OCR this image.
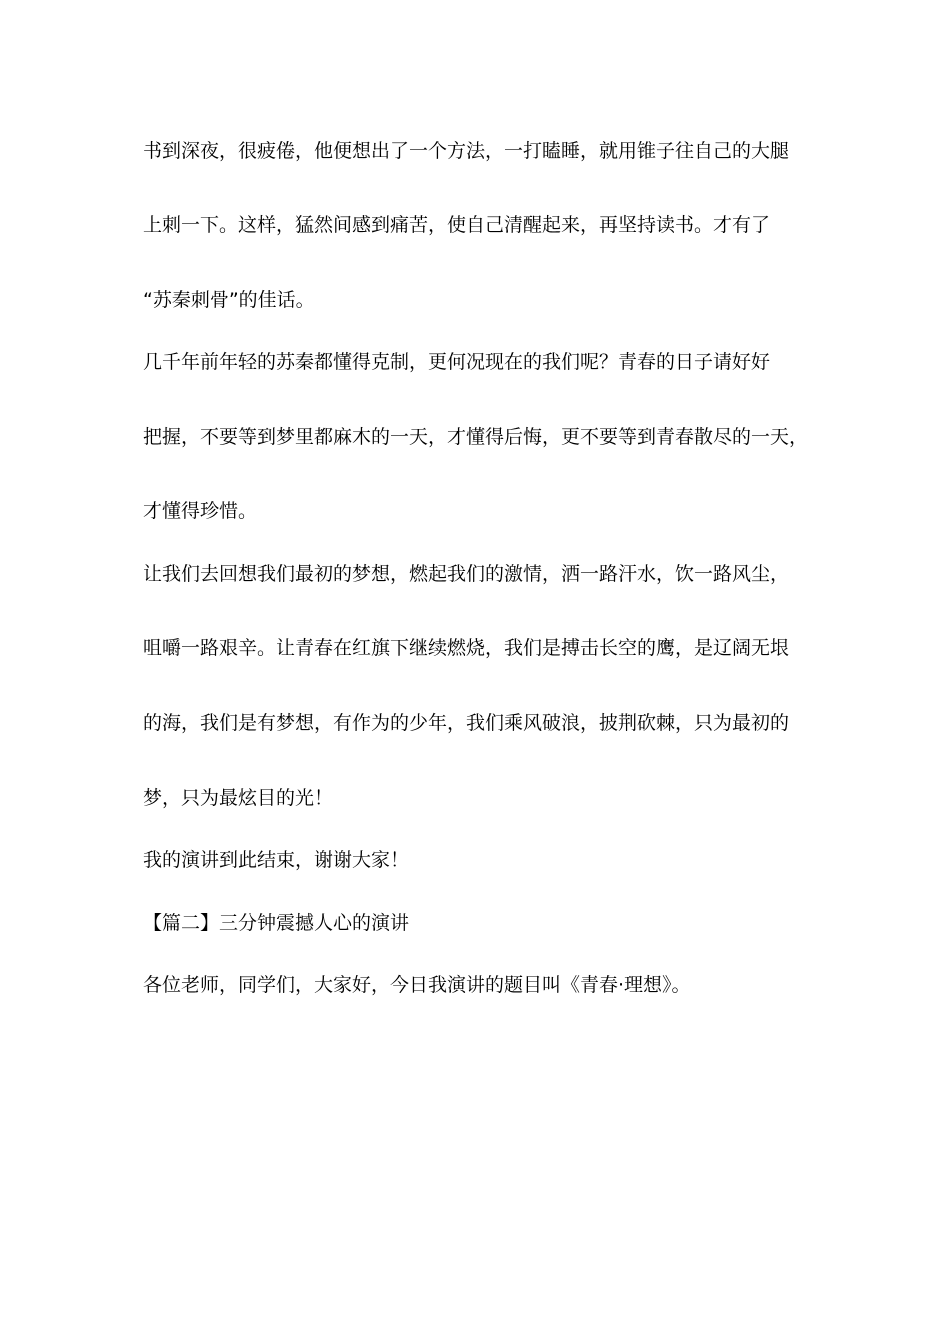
书到深夜，很疲倦，他便想出了一个方法，一打瞌睡，就用锥子往自己的大腿
上刺一下。这样，猛然间感到痛苦，使自己清醒起来，再坚持读书。才有了
“苏秦刺骨”的佳话。
几千年前年轻的苏秦都懂得克制，更何况现在的我们呢？青春的日子请好好
把握，不要等到梦里都麻木的一天，才懂得后悔，更不要等到青春散尽的一天，
才懂得珍惜。
让我们去回想我们最初的梦想，燃起我们的激情，洒一路汗水，饮一路风尘，
咀嚼一路艰辛。让青春在红旗下继续燃烧，我们是搏击长空的鹰，是辽阔无垠
的海，我们是有梦想，有作为的少年，我们乘风破浪，披荆砍棘，只为最初的
梦，只为最炫目的光！
我的演讲到此结束，谢谢大家！
【篇二】三分钟震撼人心的演讲
各位老师，同学们，大家好，今日我演讲的题目叫《青春·理想》。
